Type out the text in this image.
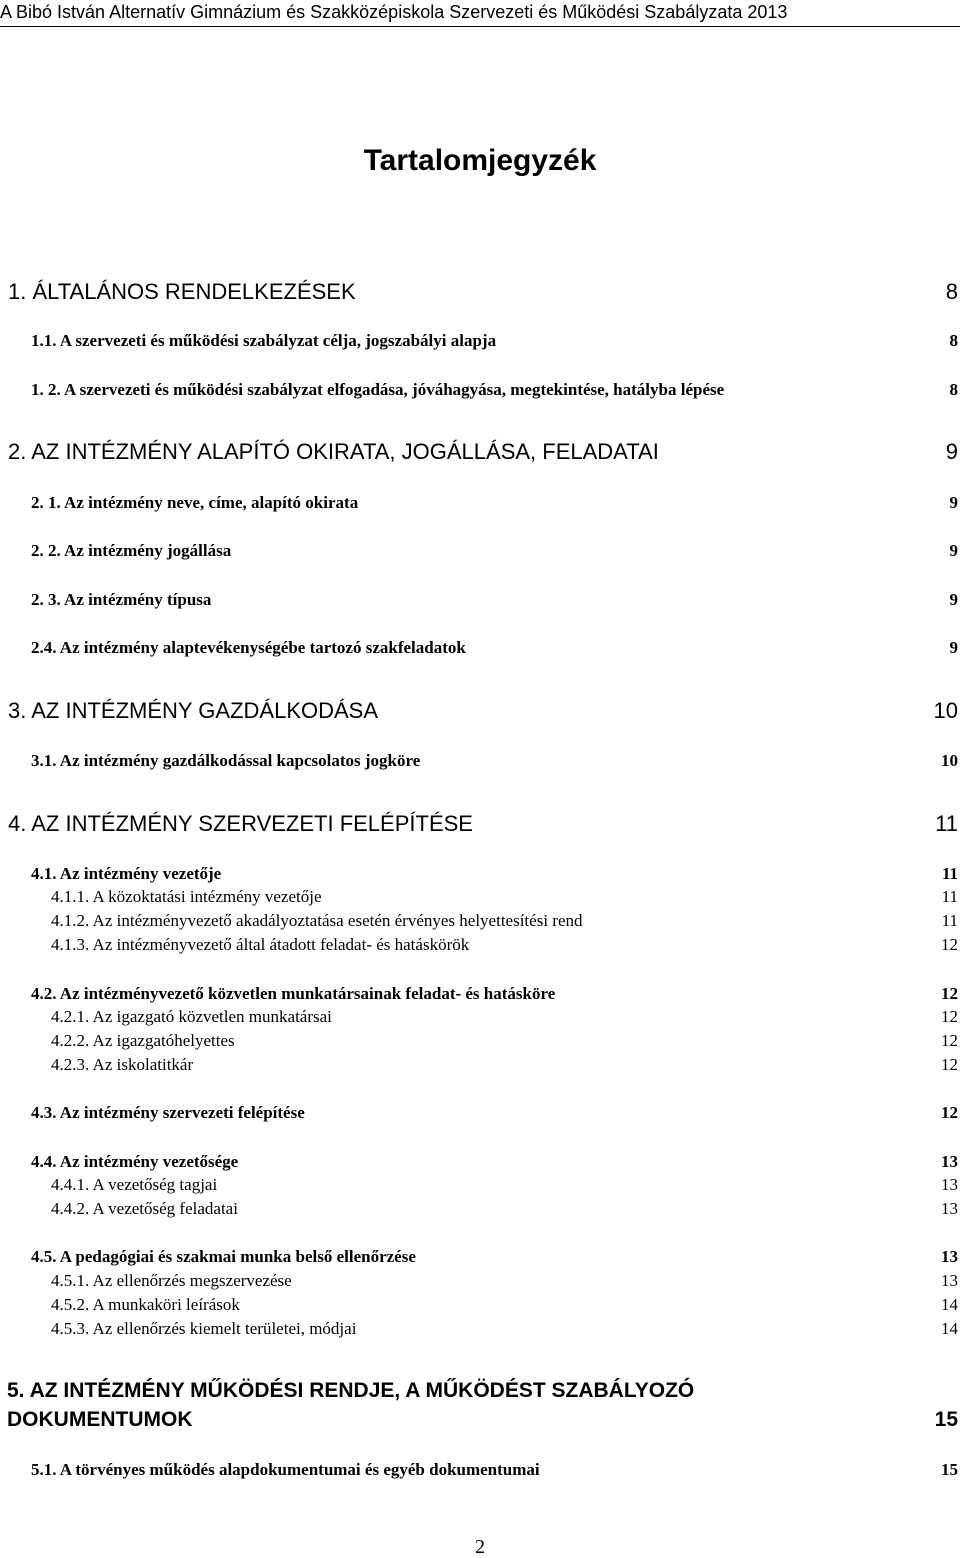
A Bibó István Alternatív Gimnázium és Szakközépiskola Szervezeti és Működési Szabályzata 2013
Tartalomjegyzék
1. ÁLTALÁNOS RENDELKEZÉSEK	8
1.1. A szervezeti és működési szabályzat célja, jogszabályi alapja	8
1. 2. A szervezeti és működési szabályzat elfogadása, jóváhagyása, megtekintése, hatályba lépése	8
2. AZ INTÉZMÉNY ALAPÍTÓ OKIRATA, JOGÁLLÁSA, FELADATAI	9
2. 1. Az intézmény neve, címe, alapító okirata	9
2. 2. Az intézmény jogállása	9
2. 3. Az intézmény típusa	9
2.4. Az intézmény alaptevékenységébe tartozó szakfeladatok	9
3. AZ INTÉZMÉNY GAZDÁLKODÁSA	10
3.1. Az intézmény gazdálkodással kapcsolatos jogköre	10
4. AZ INTÉZMÉNY SZERVEZETI FELÉPÍTÉSE	11
4.1. Az intézmény vezetője	11
4.1.1. A közoktatási intézmény vezetője	11
4.1.2. Az intézményvezető akadályoztatása esetén érvényes helyettesítési rend	11
4.1.3. Az intézményvezető által átadott feladat- és hatáskörök	12
4.2. Az intézményvezető közvetlen munkatársainak feladat- és hatásköre	12
4.2.1. Az igazgató közvetlen munkatársai	12
4.2.2. Az igazgatóhelyettes	12
4.2.3. Az iskolatitkár	12
4.3. Az intézmény szervezeti felépítése	12
4.4. Az intézmény vezetősége	13
4.4.1. A vezetőség tagjai	13
4.4.2. A vezetőség feladatai	13
4.5. A pedagógiai és szakmai munka belső ellenőrzése	13
4.5.1. Az ellenőrzés megszervezése	13
4.5.2. A munkaköri leírások	14
4.5.3. Az ellenőrzés kiemelt területei, módjai	14
5. AZ INTÉZMÉNY MŰKÖDÉSI RENDJE, A MŰKÖDÉST SZABÁLYOZÓ
DOKUMENTUMOK	15
5.1. A törvényes működés alapdokumentumai és egyéb dokumentumai	15
2
